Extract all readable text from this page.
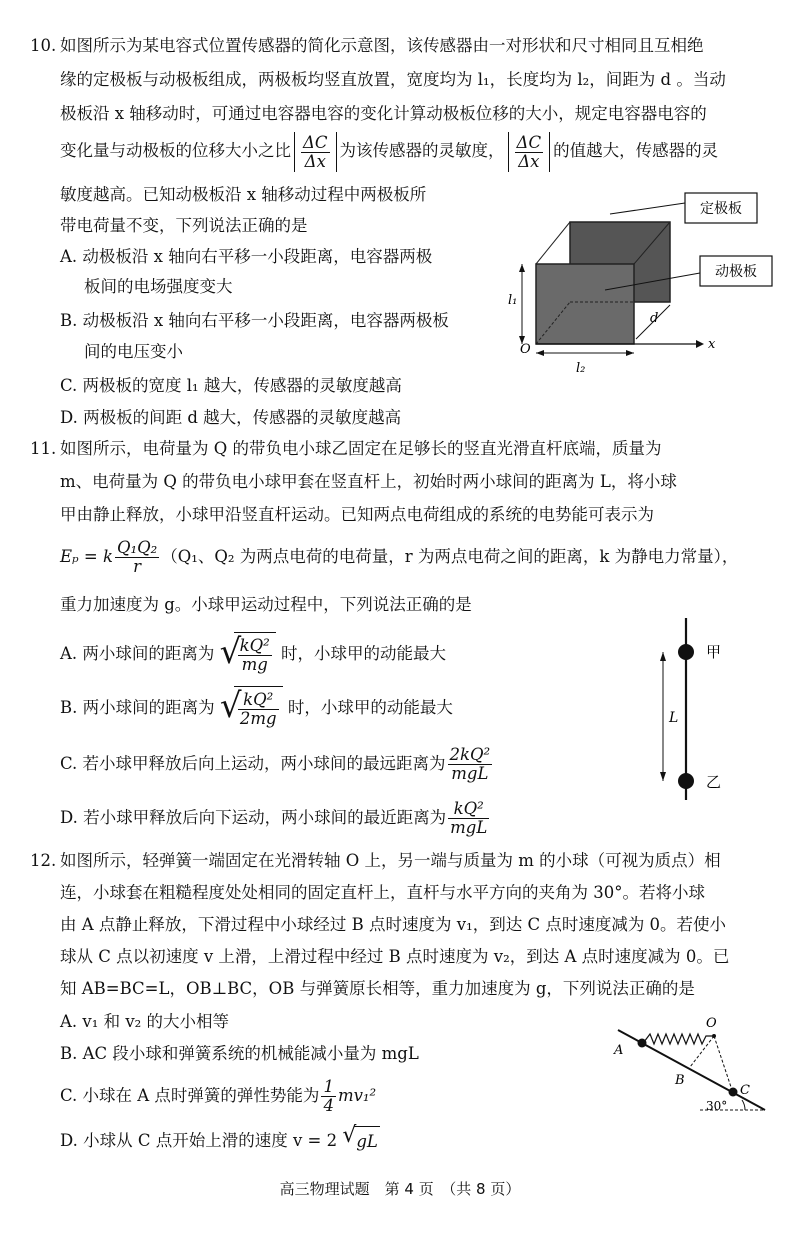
10. 如图所示为某电容式位置传感器的简化示意图，该传感器由一对形状和尺寸相同且互相绝
缘的定极板与动极板组成，两极板均竖直放置，宽度均为 l₁，长度均为 l₂，间距为 d 。当动
极板沿 x 轴移动时，可通过电容器电容的变化计算动极板位移的大小，规定电容器电容的
变化量与动极板的位移大小之比 $\frac{\Delta C}{\Delta x}$ 为该传感器的灵敏度， $\frac{\Delta C}{\Delta x}$ 的值越大，传感器的灵
敏度越高。已知动极板沿 x 轴移动过程中两极板所
带电荷量不变，下列说法正确的是
A. 动极板沿 x 轴向右平移一小段距离，电容器两极
板间的电场强度变大
B. 动极板沿 x 轴向右平移一小段距离，电容器两极板
间的电压变小
C. 两极板的宽度 l₁ 越大，传感器的灵敏度越高
D. 两极板的间距 d 越大，传感器的灵敏度越高
定极板
动极板
l₁
l₂
d
O	x
11. 如图所示，电荷量为 Q 的带负电小球乙固定在足够长的竖直光滑直杆底端，质量为
m、电荷量为 Q 的带负电小球甲套在竖直杆上，初始时两小球间的距离为 L，将小球
甲由静止释放，小球甲沿竖直杆运动。已知两点电荷组成的系统的电势能可表示为
Eₚ = k $\frac{\text{Q₁Q₂}}{r} (Q_1$、Q₂ 为两点电荷的电荷量，r 为两点电荷之间的距离，k 为静电力常量），
重力加速度为 g。小球甲运动过程中，下列说法正确的是
A. 两小球间的距离为 √
$\frac{\text{kQ²}}{mg}$ 时，小球甲的动能最大
B. 两小球间的距离为 √
$\frac{\text{kQ²}}{2mg}$ 时，小球甲的动能最大
C. 若小球甲释放后向上运动，两小球间的最远距离为 $\frac{\text{2kQ²}}{\text{mgL}}$
D. 若小球甲释放后向下运动，两小球间的最近距离为 $\frac{\text{kQ²}}{\text{mgL}}$
甲
乙
L
12. 如图所示，轻弹簧一端固定在光滑转轴 O 上，另一端与质量为 m 的小球（可视为质点）相
连，小球套在粗糙程度处处相同的固定直杆上，直杆与水平方向的夹角为 30°。若将小球
由 A 点静止释放，下滑过程中小球经过 B 点时速度为 v₁，到达 C 点时速度减为 0。若使小
球从 C 点以初速度 v 上滑，上滑过程中经过 B 点时速度为 v₂，到达 A 点时速度减为 0。已
知 AB=BC=L，OB⊥BC，OB 与弹簧原长相等，重力加速度为 g，下列说法正确的是
A. v₁ 和 v₂ 的大小相等
B. AC 段小球和弹簧系统的机械能减小量为 mgL
C. 小球在 A 点时弹簧的弹性势能为 $\frac{1}{4} mv_1^2$
D. 小球从 C 点开始上滑的速度 v = 2 √ gL
O
A
B
C
30°
高三物理试题　第 4 页　（共 8 页）
